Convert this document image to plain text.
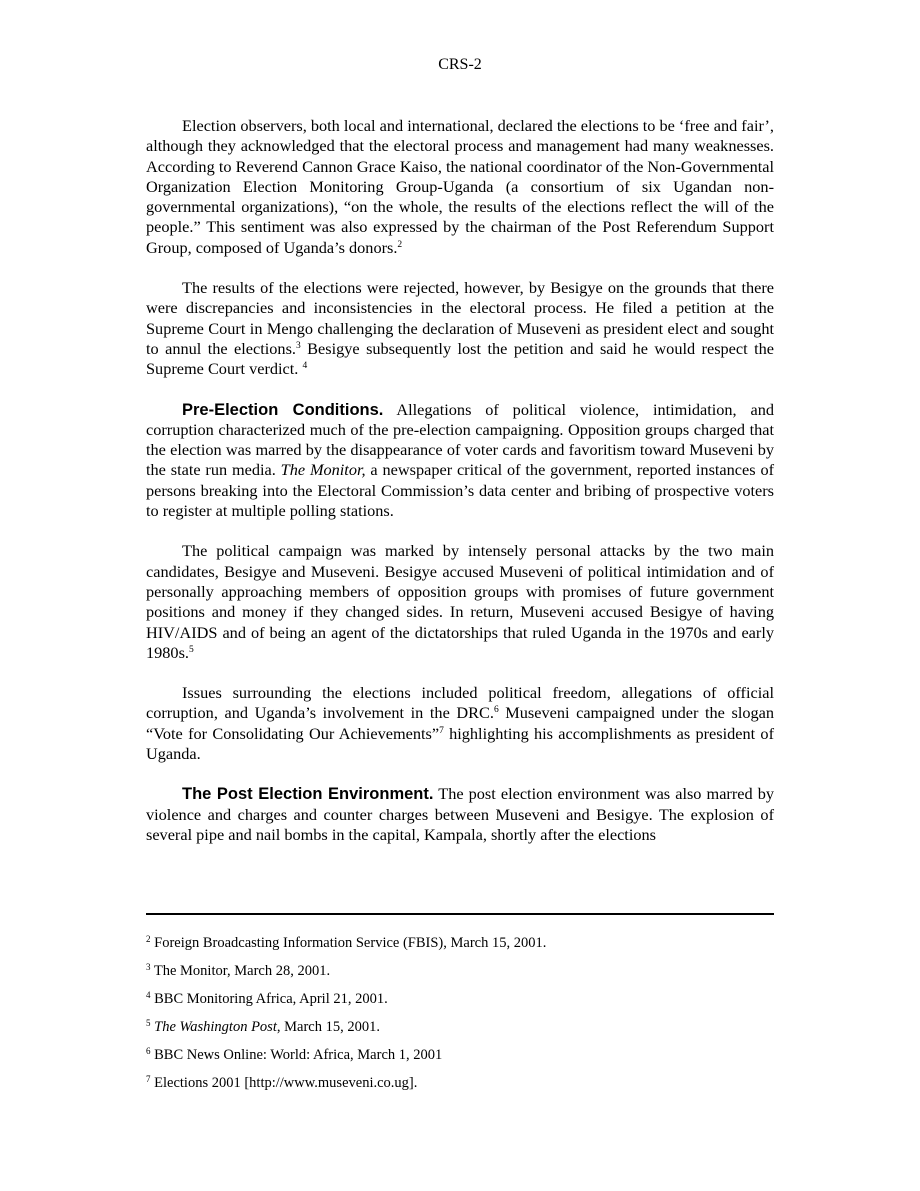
CRS-2

Election observers, both local and international, declared the elections to be ‘free and fair’, although they acknowledged that the electoral process and management had many weaknesses. According to Reverend Cannon Grace Kaiso, the national coordinator of the Non-Governmental Organization Election Monitoring Group-Uganda (a consortium of six Ugandan non- governmental organizations), “on the whole, the results of the elections reflect the will of the people.” This sentiment was also expressed by the chairman of the Post Referendum Support Group, composed of Uganda’s donors.$^2$

The results of the elections were rejected, however, by Besigye on the grounds that there were discrepancies and inconsistencies in the electoral process. He filed a petition at the Supreme Court in Mengo challenging the declaration of Museveni as president elect and sought to annul the elections.$^3$ Besigye subsequently lost the petition and said he would respect the Supreme Court verdict. $^4$

Pre-Election Conditions. Allegations of political violence, intimidation, and corruption characterized much of the pre-election campaigning. Opposition groups charged that the election was marred by the disappearance of voter cards and favoritism toward Museveni by the state run media. The Monitor, a newspaper critical of the government, reported instances of persons breaking into the Electoral Commission’s data center and bribing of prospective voters to register at multiple polling stations.

The political campaign was marked by intensely personal attacks by the two main candidates, Besigye and Museveni. Besigye accused Museveni of political intimidation and of personally approaching members of opposition groups with promises of future government positions and money if they changed sides. In return, Museveni accused Besigye of having HIV/AIDS and of being an agent of the dictatorships that ruled Uganda in the 1970s and early 1980s.$^5$

Issues surrounding the elections included political freedom, allegations of official corruption, and Uganda’s involvement in the DRC.$^6$ Museveni campaigned under the slogan “Vote for Consolidating Our Achievements”$^7$ highlighting his accomplishments as president of Uganda.

The Post Election Environment. The post election environment was also marred by violence and charges and counter charges between Museveni and Besigye. The explosion of several pipe and nail bombs in the capital, Kampala, shortly after the elections

$^2$ Foreign Broadcasting Information Service (FBIS), March 15, 2001.

$^3$ The Monitor, March 28, 2001.

$^4$ BBC Monitoring Africa, April 21, 2001.

$^5$ The Washington Post, March 15, 2001.

$^6$ BBC News Online: World: Africa, March 1, 2001

$^7$ Elections 2001 [http://www.museveni.co.ug].
